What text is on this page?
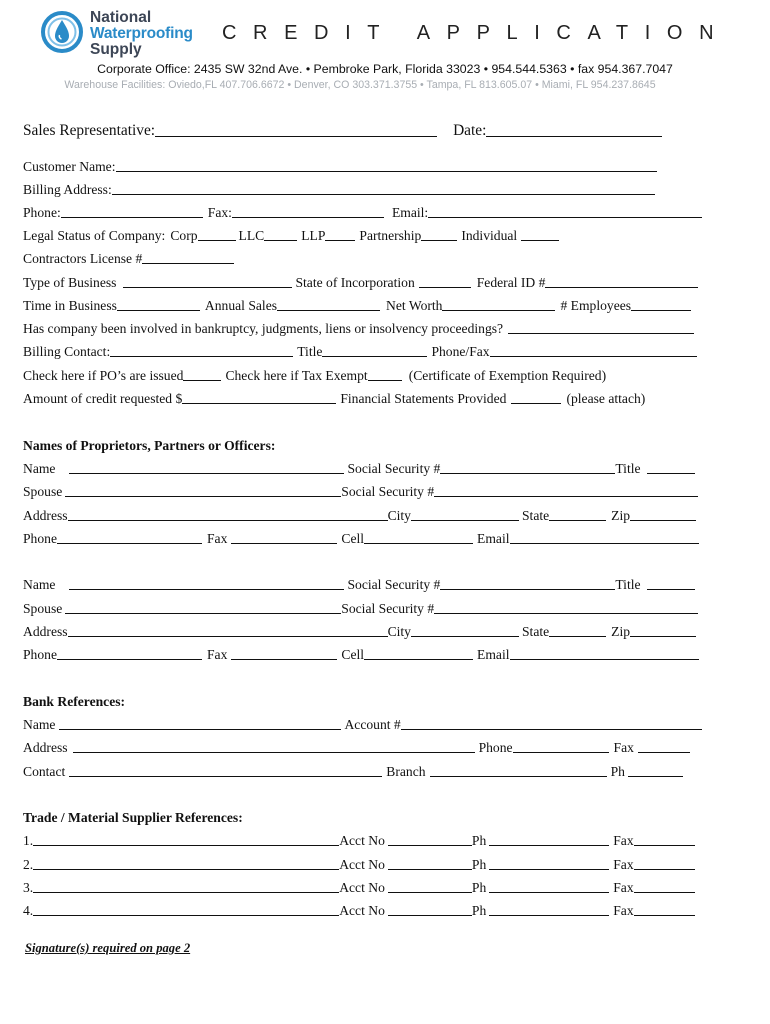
National
Waterproofing
Supply
CREDIT APPLICATION
Corporate Office: 2435 SW 32nd Ave. • Pembroke Park, Florida 33023 • 954.544.5363 • fax 954.367.7047
Warehouse Facilities: Oviedo,FL 407.706.6672 • Denver, CO 303.371.3755 • Tampa, FL 813.605.07 • Miami, FL 954.237.8645
Sales Representative:	Date:
Customer Name:
Billing Address:
Phone:	Fax:	Email:
Legal Status of Company: Corp	LLC	LLP	Partnership	Individual
Contractors License #
Type of Business	State of Incorporation	Federal ID #
Time in Business	Annual Sales	Net Worth	# Employees
Has company been involved in bankruptcy, judgments, liens or insolvency proceedings?
Billing Contact:	Title	Phone/Fax
Check here if PO’s are issued	Check here if Tax Exempt	(Certificate of Exemption Required)
Amount of credit requested $	Financial Statements Provided	(please attach)
Names of Proprietors, Partners or Officers:
Name	Social Security #	Title
Spouse	Social Security #
Address	City	State	Zip
Phone	Fax	Cell	Email
Name	Social Security #	Title
Spouse	Social Security #
Address	City	State	Zip
Phone	Fax	Cell	Email
Bank References:
Name	Account #
Address	Phone	Fax
Contact	Branch	Ph
Trade / Material Supplier References:
1.	Acct No	Ph	Fax
2.	Acct No	Ph	Fax
3.	Acct No	Ph	Fax
4.	Acct No	Ph	Fax
Signature(s) required on page 2
